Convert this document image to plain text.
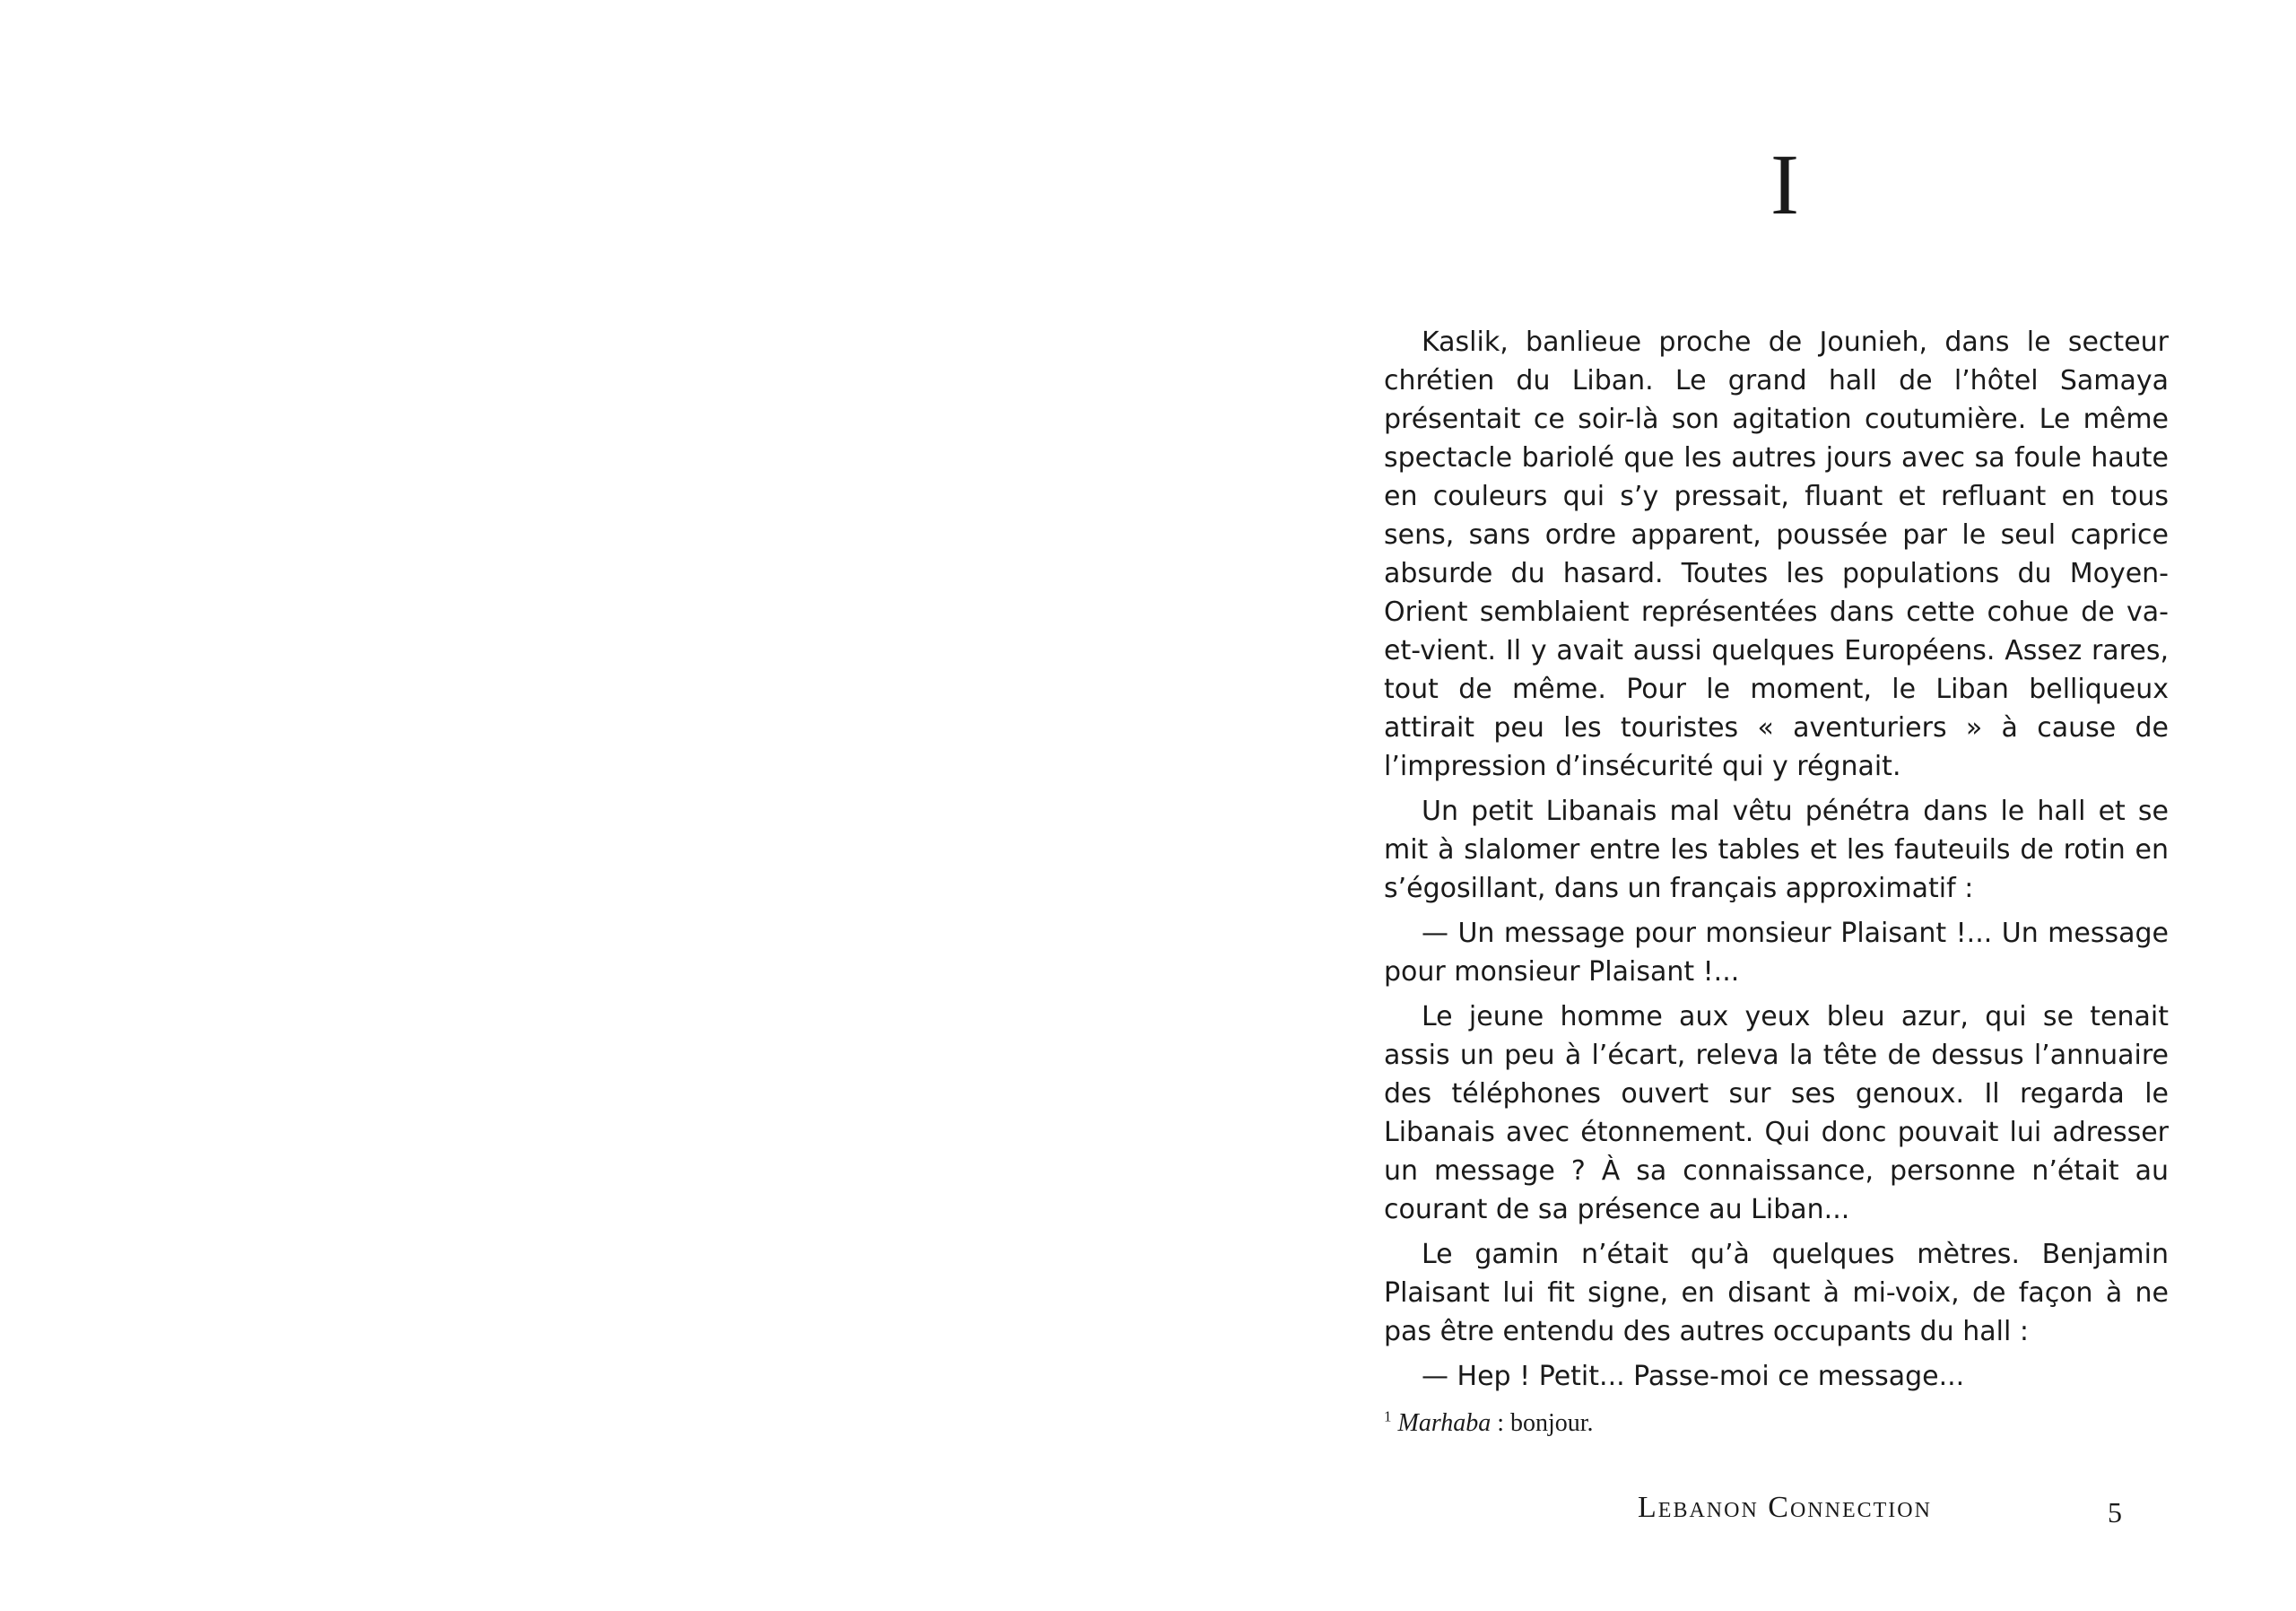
I

Kaslik, banlieue proche de Jounieh, dans le secteur chrétien du Liban. Le grand hall de l’hôtel Samaya présentait ce soir-là son agitation coutumière. Le même spectacle bariolé que les autres jours avec sa foule haute en couleurs qui s’y pressait, fluant et refluant en tous sens, sans ordre apparent, poussée par le seul caprice absurde du hasard. Toutes les populations du Moyen-Orient semblaient représentées dans cette cohue de va-et-vient. Il y avait aussi quelques Européens. Assez rares, tout de même. Pour le moment, le Liban belliqueux attirait peu les touristes « aventuriers » à cause de l’impression d’insécurité qui y régnait.

Un petit Libanais mal vêtu pénétra dans le hall et se mit à slalomer entre les tables et les fauteuils de rotin en s’égosillant, dans un français approximatif :

— Un message pour monsieur Plaisant !... Un message pour monsieur Plaisant !...

Le jeune homme aux yeux bleu azur, qui se tenait assis un peu à l’écart, releva la tête de dessus l’annuaire des téléphones ouvert sur ses genoux. Il regarda le Libanais avec étonnement. Qui donc pouvait lui adresser un message ? À sa connaissance, personne n’était au courant de sa présence au Liban...

Le gamin n’était qu’à quelques mètres. Benjamin Plaisant lui fit signe, en disant à mi-voix, de façon à ne pas être entendu des autres occupants du hall :

— Hep ! Petit... Passe-moi ce message...

$^1$ Marhaba : bonjour.
Lebanon Connection	5
